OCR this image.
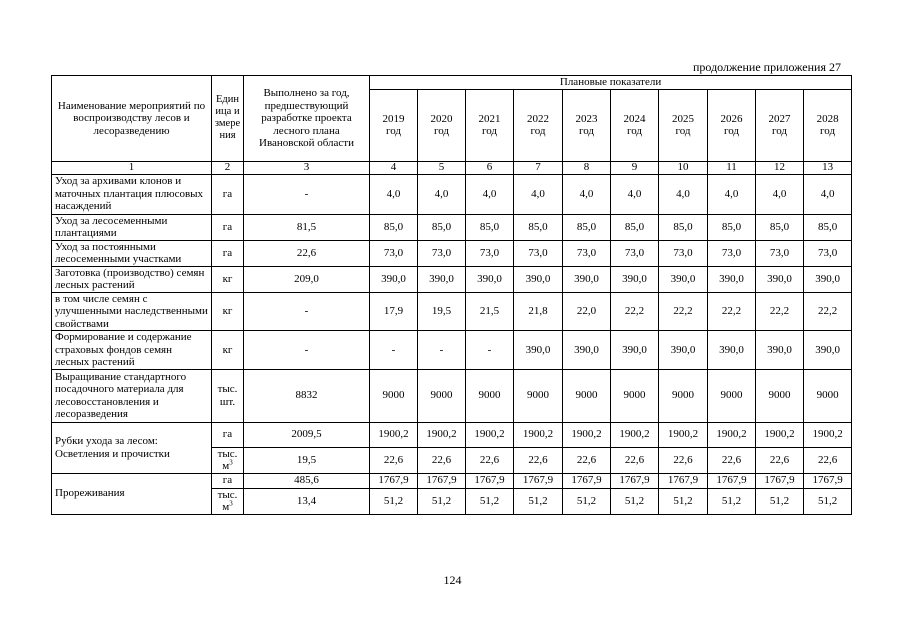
продолжение приложения 27
Наименование мероприятий по воспроизводству лесов и лесоразведению	Единица измерения	Выполнено за год, предшествующий разработке проекта лесного плана Ивановской области	Плановые показатели									
			2019 год	2020 год	2021 год	2022 год	2023 год	2024 год	2025 год	2026 год	2027 год	2028 год
1	2	3	4	5	6	7	8	9	10	11	12	13
Уход за архивами клонов и маточных плантация плюсовых насаждений	га	-	4,0	4,0	4,0	4,0	4,0	4,0	4,0	4,0	4,0	4,0
Уход за лесосеменными плантациями	га	81,5	85,0	85,0	85,0	85,0	85,0	85,0	85,0	85,0	85,0	85,0
Уход за постоянными лесосеменными участками	га	22,6	73,0	73,0	73,0	73,0	73,0	73,0	73,0	73,0	73,0	73,0
Заготовка (производство) семян лесных растений	кг	209,0	390,0	390,0	390,0	390,0	390,0	390,0	390,0	390,0	390,0	390,0
в том числе семян с улучшенными наследственными свойствами	кг	-	17,9	19,5	21,5	21,8	22,0	22,2	22,2	22,2	22,2	22,2
Формирование и содержание страховых фондов семян лесных растений	кг	-	-	-	-	390,0	390,0	390,0	390,0	390,0	390,0	390,0
Выращивание стандартного посадочного материала для лесовосстановления и лесоразведения	тыс. шт.	8832	9000	9000	9000	9000	9000	9000	9000	9000	9000	9000
Рубки ухода за лесом: Осветления и прочистки	га	2009,5	1900,2	1900,2	1900,2	1900,2	1900,2	1900,2	1900,2	1900,2	1900,2	1900,2
	тыс. $м^3$	19,5	22,6	22,6	22,6	22,6	22,6	22,6	22,6	22,6	22,6	22,6
Прореживания	га	485,6	1767,9	1767,9	1767,9	1767,9	1767,9	1767,9	1767,9	1767,9	1767,9	1767,9
	тыс. $м^3$	13,4	51,2	51,2	51,2	51,2	51,2	51,2	51,2	51,2	51,2	51,2
124
